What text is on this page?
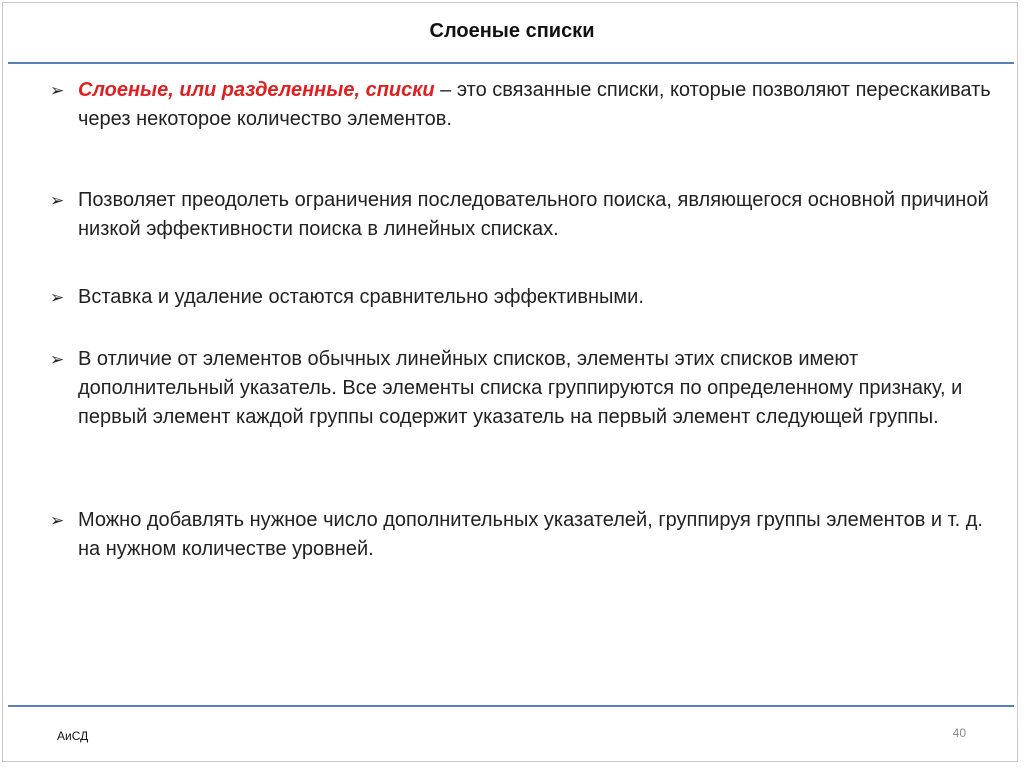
Слоеные списки
➢ Слоеные, или разделенные, списки – это связанные списки, которые позволяют перескакивать через некоторое количество элементов.
➢ Позволяет преодолеть ограничения последовательного поиска, являющегося основной причиной низкой эффективности поиска в линейных списках.
➢ Вставка и удаление остаются сравнительно эффективными.
➢ В отличие от элементов обычных линейных списков, элементы этих списков имеют дополнительный указатель. Все элементы списка группируются по определенному признаку, и первый элемент каждой группы содержит указатель на первый элемент следующей группы.
➢ Можно добавлять нужное число дополнительных указателей, группируя группы элементов и т. д. на нужном количестве уровней.
АиСД	40
